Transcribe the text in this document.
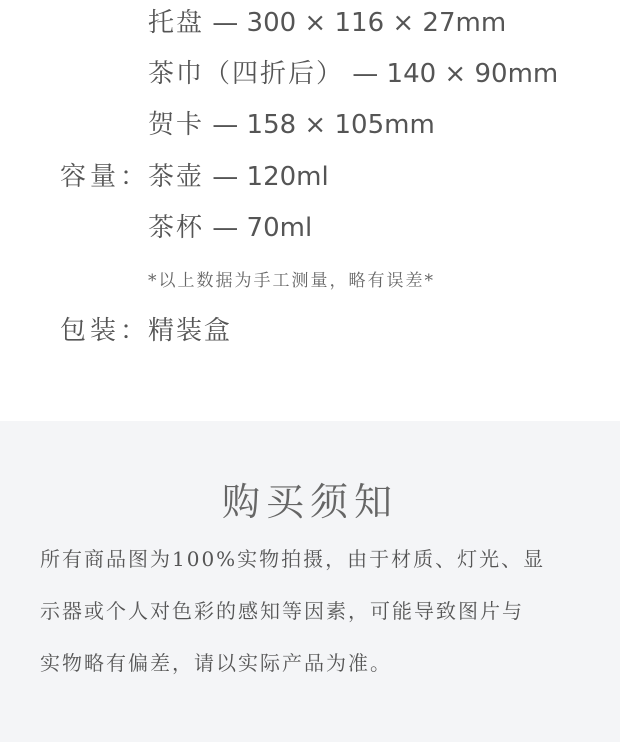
托盘 — 300 × 116 × 27mm
茶巾（四折后） — 140 × 90mm
贺卡 — 158 × 105mm
容量：
茶壶 — 120ml
茶杯 — 70ml
*以上数据为手工测量，略有误差*
包装：
精装盒
购买须知
所有商品图为100%实物拍摄，由于材质、灯光、显
示器或个人对色彩的感知等因素，可能导致图片与
实物略有偏差，请以实际产品为准。
